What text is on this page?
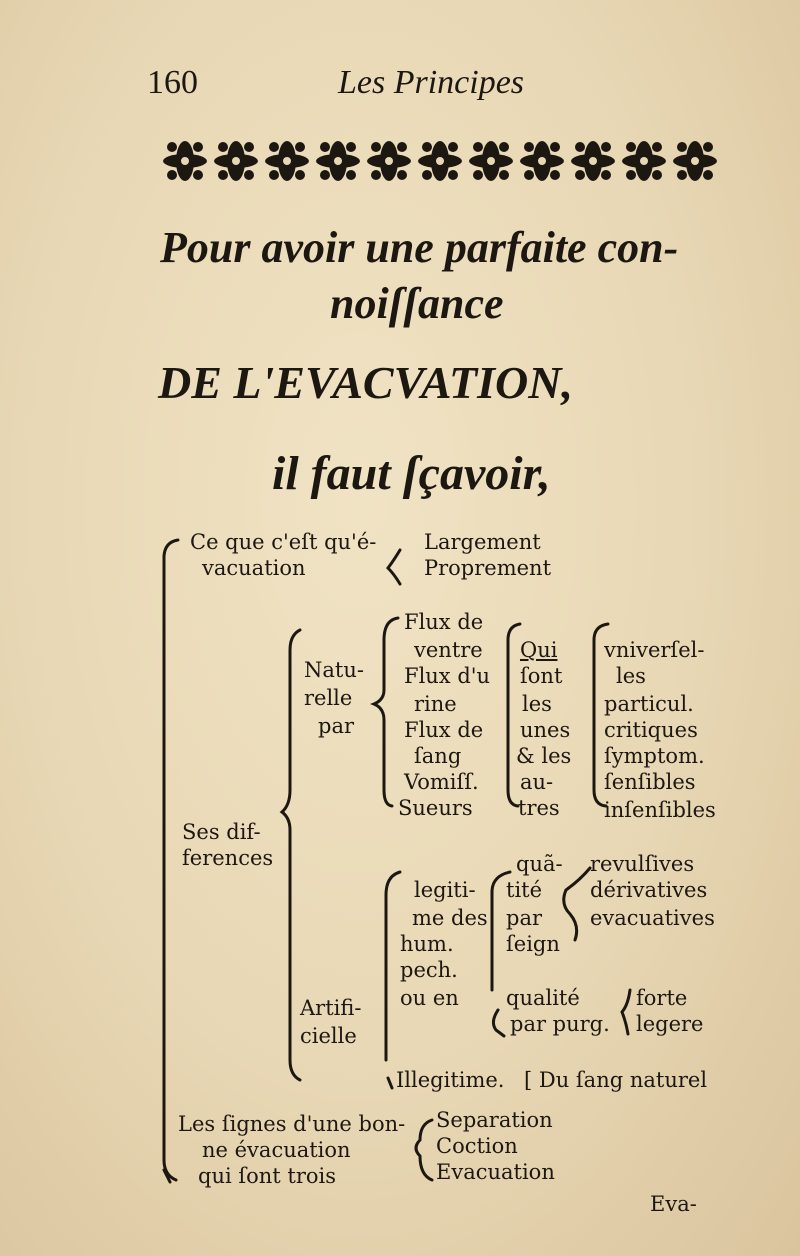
160	Les Principes
Pour avoir une parfaite con-
noiſſance
DE L'EVACVATION,
il faut ſçavoir,
Ce que c'eſt qu'é-
vacuation
Largement
Proprement
Ses dif-
ferences
Natu-
relle
par
Flux de
ventre
Flux d'u
rine
Flux de
ſang
Vomiſſ.
Sueurs
Qui
ſont
les
unes
& les
au-
tres
vniverſel-
les
particul.
critiques
ſymptom.
ſenſibles
inſenſibles
Artifi-
cielle
legiti-
me des
hum.
pech.
ou en
quã-
tité
par
ſeign
revulſives
dérivatives
evacuatives
qualité
par purg.
forte
legere
Illegitime. [ Du ſang naturel
Les ſignes d'une bon-
ne évacuation
qui ſont trois
Separation
Coction
Evacuation
Eva-
